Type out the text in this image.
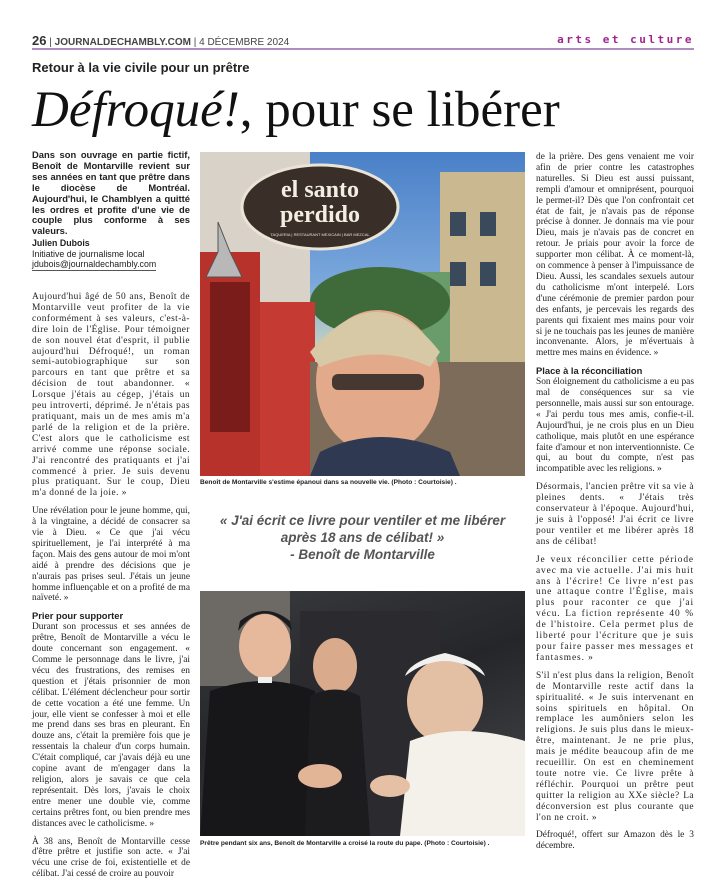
26 | JOURNALDECHAMBLY.COM | 4 DÉCEMBRE 2024	arts et culture
Retour à la vie civile pour un prêtre
Défroqué!, pour se libérer
Dans son ouvrage en partie fictif, Benoît de Montarville revient sur ses années en tant que prêtre dans le diocèse de Montréal. Aujourd'hui, le Chamblyen a quitté les ordres et profite d'une vie de couple plus conforme à ses valeurs.
Julien Dubois
Initiative de journalisme local
jdubois@journaldechambly.com

Aujourd'hui âgé de 50 ans, Benoît de Montarville veut profiter de la vie conformément à ses valeurs, c'est-à-dire loin de l'Église. Pour témoigner de son nouvel état d'esprit, il publie aujourd'hui Défroqué!, un roman semi-autobiographique sur son parcours en tant que prêtre et sa décision de tout abandonner. « Lorsque j'étais au cégep, j'étais un peu introverti, déprimé. Je n'étais pas pratiquant, mais un de mes amis m'a parlé de la religion et de la prière. C'est alors que le catholicisme est arrivé comme une réponse sociale. J'ai rencontré des pratiquants et j'ai commencé à prier. Je suis devenu plus pratiquant. Sur le coup, Dieu m'a donné de la joie. »

Une révélation pour le jeune homme, qui, à la vingtaine, a décidé de consacrer sa vie à Dieu. « Ce que j'ai vécu spirituellement, je l'ai interprété à ma façon. Mais des gens autour de moi m'ont aidé à prendre des décisions que je n'aurais pas prises seul. J'étais un jeune homme influençable et on a profité de ma naïveté. »

Prier pour supporter

Durant son processus et ses années de prêtre, Benoît de Montarville a vécu le doute concernant son engagement. « Comme le personnage dans le livre, j'ai vécu des frustrations, des remises en question et j'étais prisonnier de mon célibat. L'élément déclencheur pour sortir de cette vocation a été une femme. Un jour, elle vient se confesser à moi et elle me prend dans ses bras en pleurant. En douze ans, c'était la première fois que je ressentais la chaleur d'un corps humain. C'était compliqué, car j'avais déjà eu une copine avant de m'engager dans la religion, alors je savais ce que cela représentait. Dès lors, j'avais le choix entre mener une double vie, comme certains prêtres font, ou bien prendre mes distances avec le catholicisme. »

À 38 ans, Benoît de Montarville cesse d'être prêtre et justifie son acte. « J'ai vécu une crise de foi, existentielle et de célibat. J'ai cessé de croire au pouvoir

el santo
perdido
TAQUERIA | RESTAURANT MEXICAIN | BAR MEZCAL
Benoît de Montarville s'estime épanoui dans sa nouvelle vie. (Photo : Courtoisie) .
« J'ai écrit ce livre pour ventiler et me libérer
après 18 ans de célibat! »
- Benoît de Montarville
Prêtre pendant six ans, Benoît de Montarville a croisé la route du pape. (Photo : Courtoisie) .

de la prière. Des gens venaient me voir afin de prier contre les catastrophes naturelles. Si Dieu est aussi puissant, rempli d'amour et omniprésent, pourquoi le permet-il? Dès que l'on confrontait cet état de fait, je n'avais pas de réponse précise à donner. Je donnais ma vie pour Dieu, mais je n'avais pas de concret en retour. Je priais pour avoir la force de supporter mon célibat. À ce moment-là, on commence à penser à l'impuissance de Dieu. Aussi, les scandales sexuels autour du catholicisme m'ont interpelé. Lors d'une cérémonie de premier pardon pour des enfants, je percevais les regards des parents qui fixaient mes mains pour voir si je ne touchais pas les jeunes de manière inconvenante. Alors, je m'évertuais à mettre mes mains en évidence. »

Place à la réconciliation

Son éloignement du catholicisme a eu pas mal de conséquences sur sa vie personnelle, mais aussi sur son entourage. « J'ai perdu tous mes amis, confie-t-il. Aujourd'hui, je ne crois plus en un Dieu catholique, mais plutôt en une espérance faite d'amour et non interventionniste. Ce qui, au bout du compte, n'est pas incompatible avec les religions. »

Désormais, l'ancien prêtre vit sa vie à pleines dents. « J'étais très conservateur à l'époque. Aujourd'hui, je suis à l'opposé! J'ai écrit ce livre pour ventiler et me libérer après 18 ans de célibat!

Je veux réconcilier cette période avec ma vie actuelle. J'ai mis huit ans à l'écrire! Ce livre n'est pas une attaque contre l'Église, mais plus pour raconter ce que j'ai vécu. La fiction représente 40 % de l'histoire. Cela permet plus de liberté pour l'écriture que je suis pour faire passer mes messages et fantasmes. »

S'il n'est plus dans la religion, Benoît de Montarville reste actif dans la spiritualité. « Je suis intervenant en soins spirituels en hôpital. On remplace les aumôniers selon les religions. Je suis plus dans le mieux-être, maintenant. Je ne prie plus, mais je médite beaucoup afin de me recueillir. On est en cheminement toute notre vie. Ce livre prête à réfléchir. Pourquoi un prêtre peut quitter la religion au XXe siècle? La déconversion est plus courante que l'on ne croit. »

Défroqué!, offert sur Amazon dès le 3 décembre.
